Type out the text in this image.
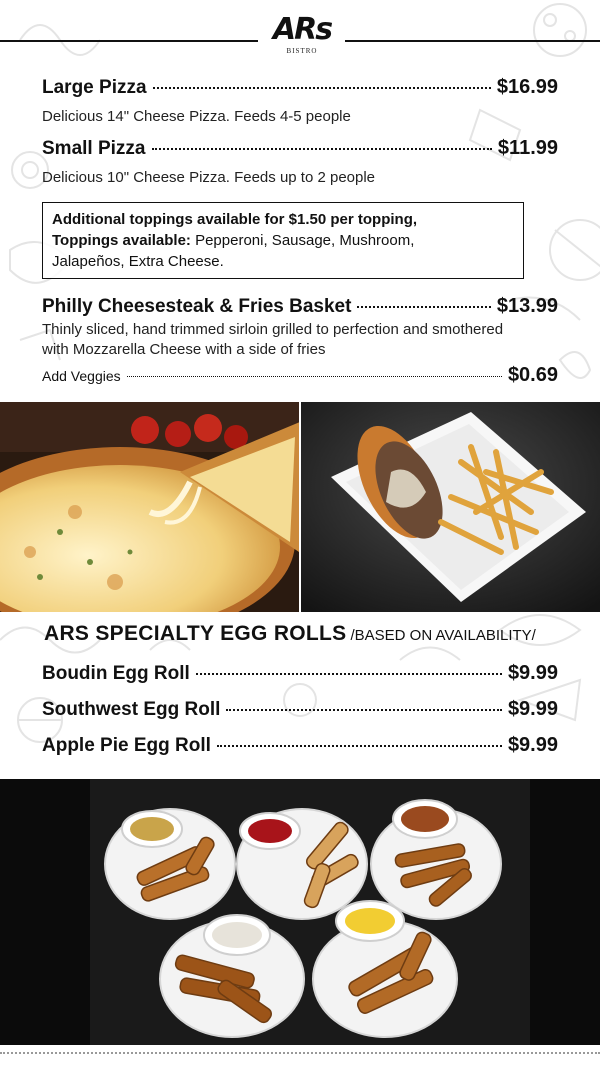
ARs
BISTRO
Large Pizza	$16.99
Delicious 14" Cheese Pizza. Feeds 4-5 people
Small Pizza	$11.99
Delicious 10" Cheese Pizza. Feeds up to 2 people
Additional toppings available for $1.50 per topping,
Toppings available: Pepperoni, Sausage, Mushroom,
Jalapeños, Extra Cheese.
Philly Cheesesteak & Fries Basket	$13.99
Thinly sliced, hand trimmed sirloin grilled to perfection and smothered
with Mozzarella Cheese with a side of fries
Add Veggies	$0.69
ARS SPECIALTY EGG ROLLS /BASED ON AVAILABILITY/
Boudin Egg Roll	$9.99
Southwest Egg Roll	$9.99
Apple Pie Egg Roll	$9.99
